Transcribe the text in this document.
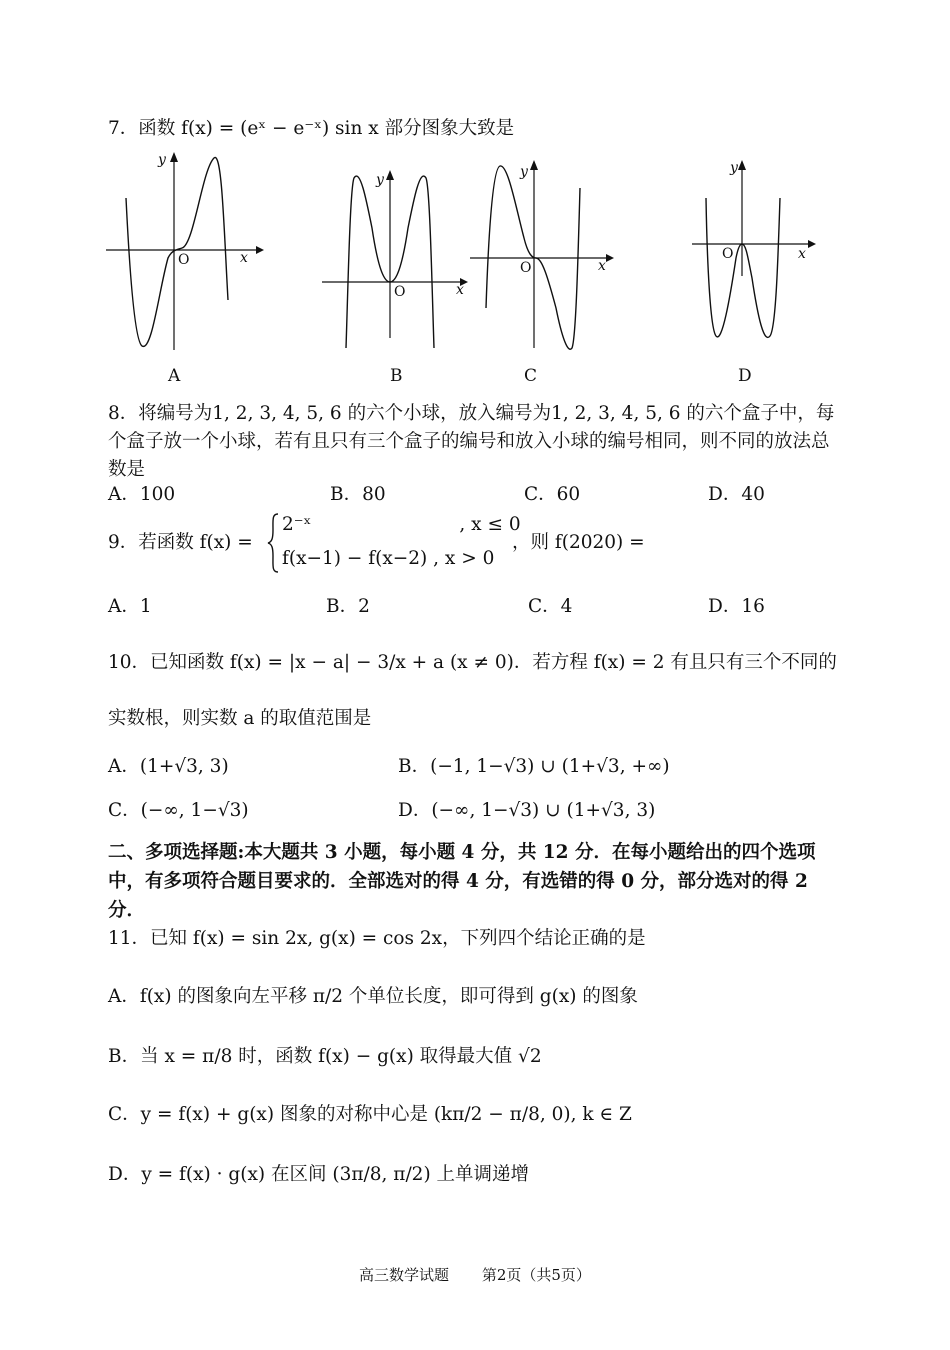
7．函数 f(x) = (eˣ − e⁻ˣ) sin x 部分图象大致是
y
x
O
A
y
x
O
B
y
x
O
C
y
x
O
D
8．将编号为1, 2, 3, 4, 5, 6 的六个小球，放入编号为1, 2, 3, 4, 5, 6 的六个盒子中，每个盒子放一个小球，若有且只有三个盒子的编号和放入小球的编号相同，则不同的放法总数是
A．100	B．80	C．60	D．40
9．若函数 f(x) =
2⁻ˣ　　　　　　　　, x ≤ 0
f(x−1) − f(x−2) , x > 0
，则 f(2020) =
A．1	B．2	C．4	D．16
10．已知函数 f(x) = |x − a| − 3/x + a (x ≠ 0)．若方程 f(x) = 2 有且只有三个不同的
实数根，则实数 a 的取值范围是
A．(1+√3, 3)	B．(−1, 1−√3) ∪ (1+√3, +∞)
C．(−∞, 1−√3)	D．(−∞, 1−√3) ∪ (1+√3, 3)
二、多项选择题:本大题共 3 小题，每小题 4 分，共 12 分．在每小题给出的四个选项中，有多项符合题目要求的．全部选对的得 4 分，有选错的得 0 分，部分选对的得 2 分．
11．已知 f(x) = sin 2x, g(x) = cos 2x，下列四个结论正确的是
A．f(x) 的图象向左平移 π/2 个单位长度，即可得到 g(x) 的图象
B．当 x = π/8 时，函数 f(x) − g(x) 取得最大值 √2
C．y = f(x) + g(x) 图象的对称中心是 (kπ/2 − π/8, 0), k ∈ Z
D．y = f(x) · g(x) 在区间 (3π/8, π/2) 上单调递增
高三数学试题 第2页（共5页）
